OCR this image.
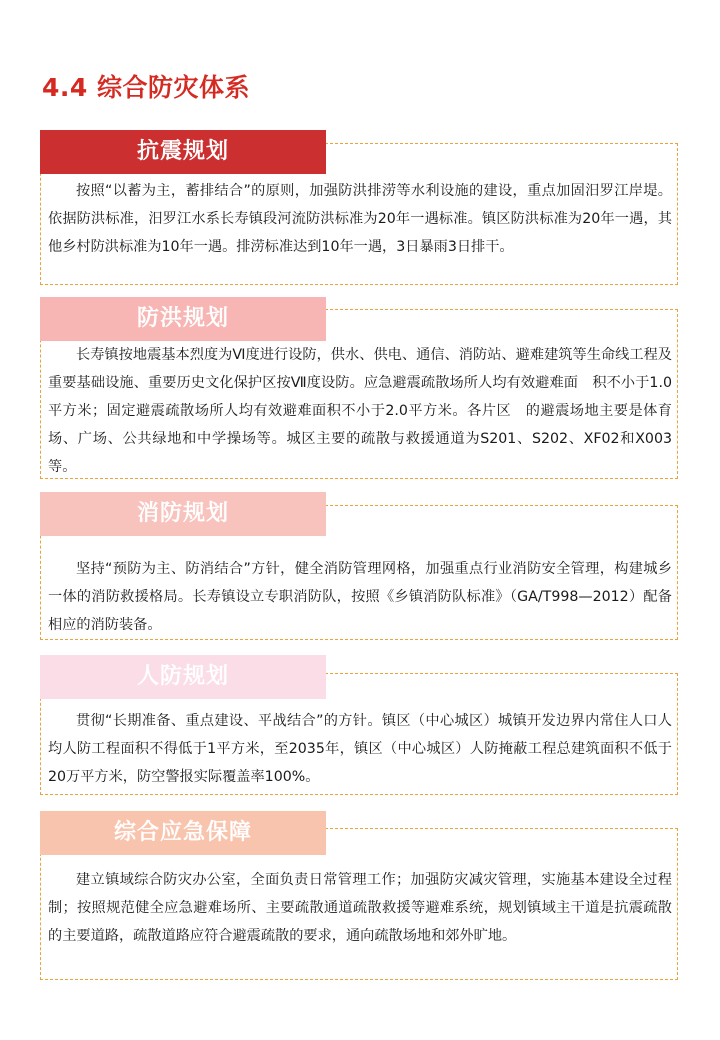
4.4 综合防灾体系
抗震规划

按照“以蓄为主，蓄排结合”的原则，加强防洪排涝等水利设施的建设，重点加固汨罗江岸堤。依据防洪标准，汨罗江水系长寿镇段河流防洪标准为20年一遇标准。镇区防洪标准为20年一遇，其他乡村防洪标准为10年一遇。排涝标准达到10年一遇，3日暴雨3日排干。

防洪规划

长寿镇按地震基本烈度为Ⅵ度进行设防，供水、供电、通信、消防站、避难建筑等生命线工程及重要基础设施、重要历史文化保护区按Ⅶ度设防。应急避震疏散场所人均有效避难面　积不小于1.0平方米；固定避震疏散场所人均有效避难面积不小于2.0平方米。各片区　的避震场地主要是体育场、广场、公共绿地和中学操场等。城区主要的疏散与救援通道为S201、S202、XF02和X003等。

消防规划

坚持“预防为主、防消结合”方针，健全消防管理网格，加强重点行业消防安全管理，构建城乡一体的消防救援格局。长寿镇设立专职消防队，按照《乡镇消防队标准》（GA/T998—2012）配备相应的消防装备。

人防规划

贯彻“长期准备、重点建设、平战结合”的方针。镇区（中心城区）城镇开发边界内常住人口人均人防工程面积不得低于1平方米，至2035年，镇区（中心城区）人防掩蔽工程总建筑面积不低于20万平方米，防空警报实际覆盖率100%。

综合应急保障

建立镇域综合防灾办公室，全面负责日常管理工作；加强防灾减灾管理，实施基本建设全过程制；按照规范健全应急避难场所、主要疏散通道疏散救援等避难系统，规划镇域主干道是抗震疏散的主要道路，疏散道路应符合避震疏散的要求，通向疏散场地和郊外旷地。
